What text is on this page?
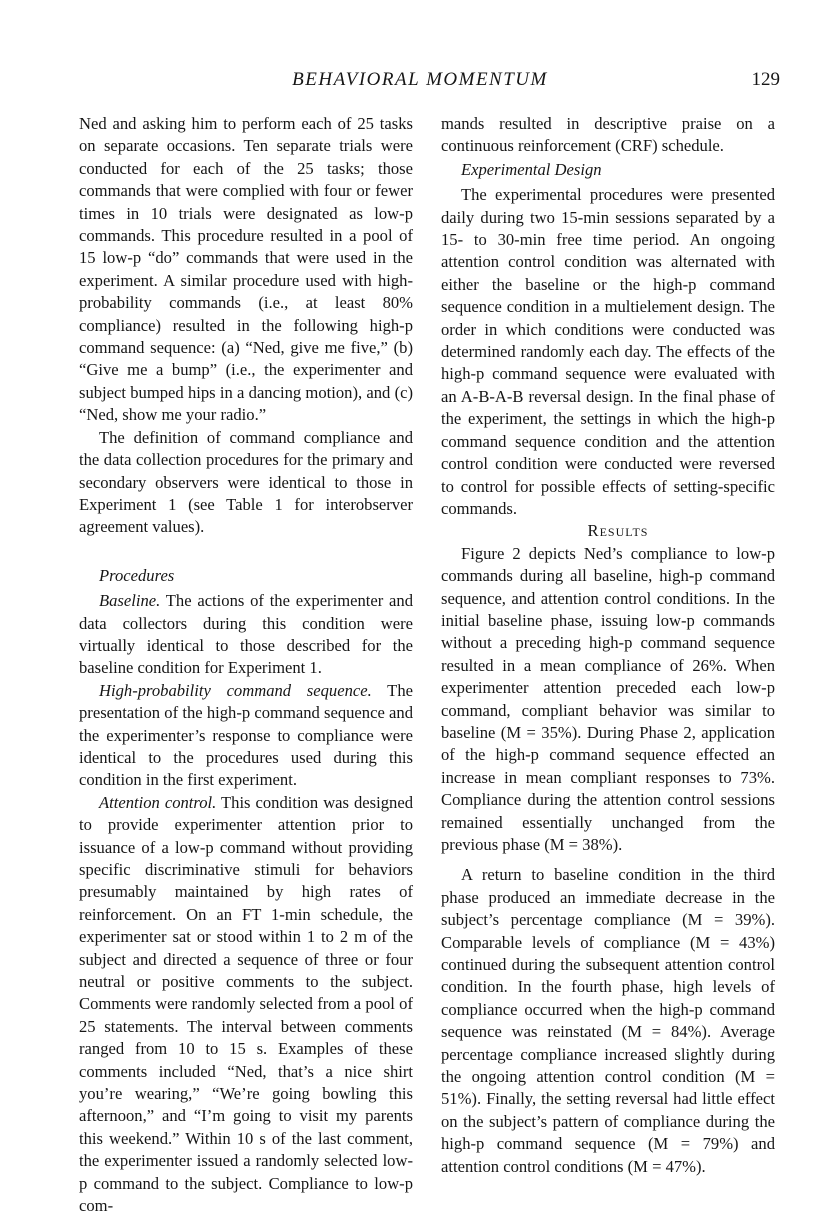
BEHAVIORAL MOMENTUM	129

Ned and asking him to perform each of 25 tasks on separate occasions. Ten separate trials were conducted for each of the 25 tasks; those commands that were complied with four or fewer times in 10 trials were designated as low-p commands. This procedure resulted in a pool of 15 low-p “do” commands that were used in the experiment. A similar procedure used with high-probability commands (i.e., at least 80% compliance) resulted in the following high-p command sequence: (a) “Ned, give me five,” (b) “Give me a bump” (i.e., the experimenter and subject bumped hips in a dancing motion), and (c) “Ned, show me your radio.”

The definition of command compliance and the data collection procedures for the primary and secondary observers were identical to those in Experiment 1 (see Table 1 for interobserver agreement values).

Procedures

Baseline. The actions of the experimenter and data collectors during this condition were virtually identical to those described for the baseline condition for Experiment 1.

High-probability command sequence. The presentation of the high-p command sequence and the experimenter’s response to compliance were identical to the procedures used during this condition in the first experiment.

Attention control. This condition was designed to provide experimenter attention prior to issuance of a low-p command without providing specific discriminative stimuli for behaviors presumably maintained by high rates of reinforcement. On an FT 1-min schedule, the experimenter sat or stood within 1 to 2 m of the subject and directed a sequence of three or four neutral or positive comments to the subject. Comments were randomly selected from a pool of 25 statements. The interval between comments ranged from 10 to 15 s. Examples of these comments included “Ned, that’s a nice shirt you’re wearing,” “We’re going bowling this afternoon,” and “I’m going to visit my parents this weekend.” Within 10 s of the last comment, the experimenter issued a randomly selected low-p command to the subject. Compliance to low-p com-

mands resulted in descriptive praise on a continuous reinforcement (CRF) schedule.

Experimental Design

The experimental procedures were presented daily during two 15-min sessions separated by a 15- to 30-min free time period. An ongoing attention control condition was alternated with either the baseline or the high-p command sequence condition in a multielement design. The order in which conditions were conducted was determined randomly each day. The effects of the high-p command sequence were evaluated with an A-B-A-B reversal design. In the final phase of the experiment, the settings in which the high-p command sequence condition and the attention control condition were conducted were reversed to control for possible effects of setting-specific commands.

Results

Figure 2 depicts Ned’s compliance to low-p commands during all baseline, high-p command sequence, and attention control conditions. In the initial baseline phase, issuing low-p commands without a preceding high-p command sequence resulted in a mean compliance of 26%. When experimenter attention preceded each low-p command, compliant behavior was similar to baseline (M = 35%). During Phase 2, application of the high-p command sequence effected an increase in mean compliant responses to 73%. Compliance during the attention control sessions remained essentially unchanged from the previous phase (M = 38%).

A return to baseline condition in the third phase produced an immediate decrease in the subject’s percentage compliance (M = 39%). Comparable levels of compliance (M = 43%) continued during the subsequent attention control condition. In the fourth phase, high levels of compliance occurred when the high-p command sequence was reinstated (M = 84%). Average percentage compliance increased slightly during the ongoing attention control condition (M = 51%). Finally, the setting reversal had little effect on the subject’s pattern of compliance during the high-p command sequence (M = 79%) and attention control conditions (M = 47%).
